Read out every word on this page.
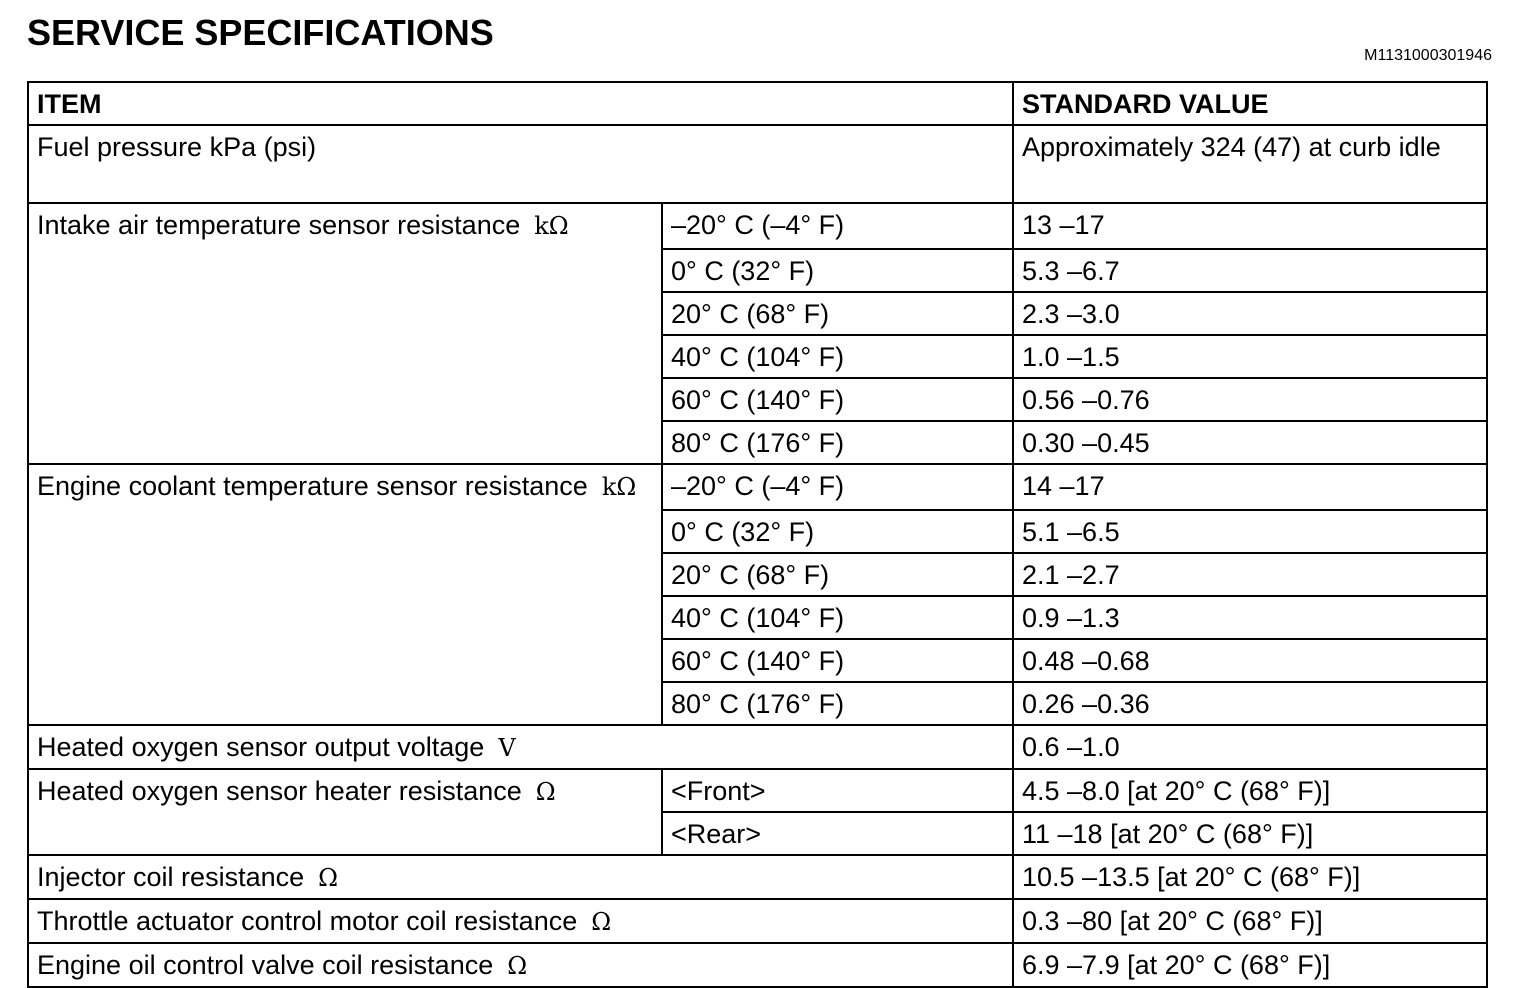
SERVICE SPECIFICATIONS
M1131000301946
ITEM		STANDARD VALUE
Fuel pressure kPa (psi)		Approximately 324 (47) at curb idle
Intake air temperature sensor resistance kΩ	–20° C (–4° F)	13 –17
	0° C (32° F)	5.3 –6.7
	20° C (68° F)	2.3 –3.0
	40° C (104° F)	1.0 –1.5
	60° C (140° F)	0.56 –0.76
	80° C (176° F)	0.30 –0.45
Engine coolant temperature sensor resistance kΩ	–20° C (–4° F)	14 –17
	0° C (32° F)	5.1 –6.5
	20° C (68° F)	2.1 –2.7
	40° C (104° F)	0.9 –1.3
	60° C (140° F)	0.48 –0.68
	80° C (176° F)	0.26 –0.36
Heated oxygen sensor output voltage V		0.6 –1.0
Heated oxygen sensor heater resistance Ω	<Front>	4.5 –8.0 [at 20° C (68° F)]
	<Rear>	11 –18 [at 20° C (68° F)]
Injector coil resistance Ω		10.5 –13.5 [at 20° C (68° F)]
Throttle actuator control motor coil resistance Ω		0.3 –80 [at 20° C (68° F)]
Engine oil control valve coil resistance Ω		6.9 –7.9 [at 20° C (68° F)]
